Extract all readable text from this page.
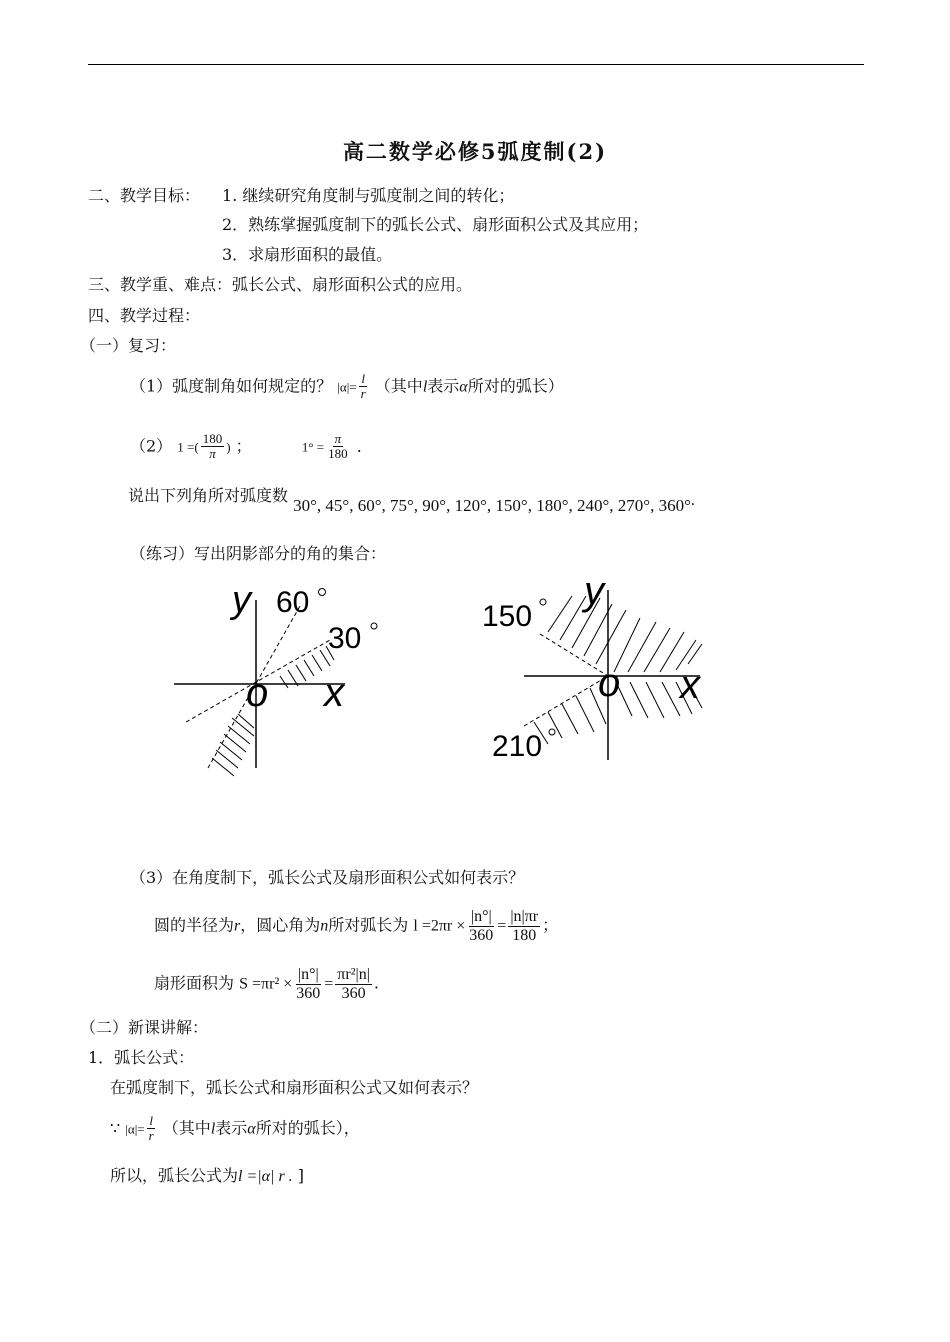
高二数学必修5弧度制(2)
二、教学目标： 1. 继续研究角度制与弧度制之间的转化；
2．熟练掌握弧度制下的弧长公式、扇形面积公式及其应用；
3．求扇形面积的最值。
三、教学重、难点：弧长公式、扇形面积公式的应用。
四、教学过程：
（一）复习：
（1）弧度制角如何规定的？ $|\alpha|= \frac{l}{r}$ （其中l表示α所对的弧长）
（2） 1 =( $\frac{180}{\pi}$ ) ；	$1^\circ = \frac{\pi}{180}$ ．
说出下列角所对弧度数 30°, 45°, 60°, 75°, 90°, 120°, 150°, 180°, 240°, 270°, 360°.
（练习）写出阴影部分的角的集合：
y 60
30
o x
150
y
o x
210
（3）在角度制下，弧长公式及扇形面积公式如何表示？
圆的半径为r，圆心角为n所对弧长为 $l =2\pi r \times \frac{|n^\circ|}{360} = \frac{|n|\pi r}{180}$ ；
扇形面积为 $S =\pi r^2 \times \frac{|n^\circ|}{360} = \frac{\text{πr²|n|}}{360}$ .
（二）新课讲解：
1．弧长公式：
在弧度制下，弧长公式和扇形面积公式又如何表示？
∵ $|\alpha|= \frac{l}{r}$ （其中l表示α所对的弧长），
所以，弧长公式为l =|α| r . ]
